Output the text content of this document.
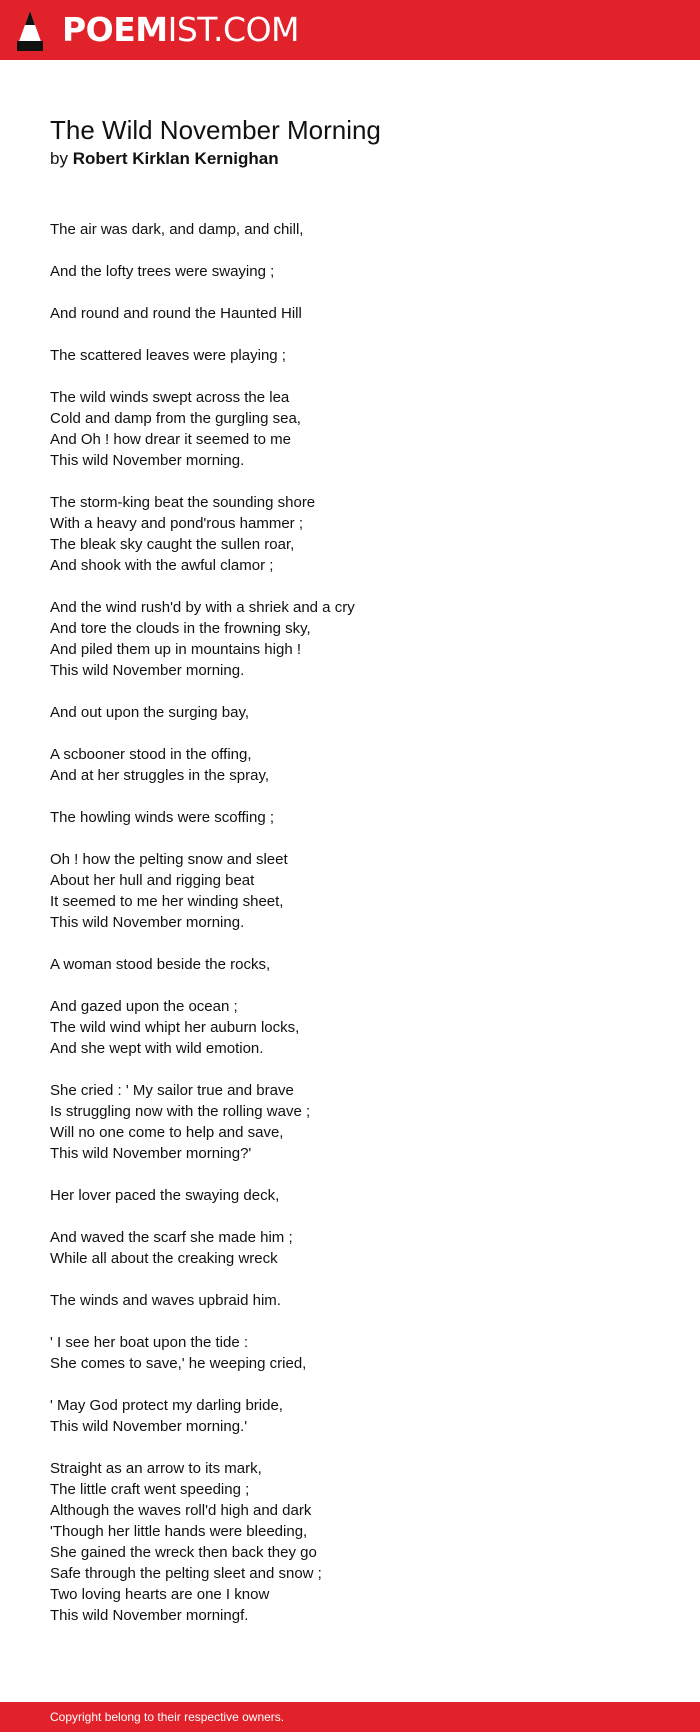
POEMIST.COM
The Wild November Morning
by Robert Kirklan Kernighan
The air was dark, and damp, and chill,
And the lofty trees were swaying ;
And round and round the Haunted Hill
The scattered leaves were playing ;
The wild winds swept across the lea
Cold and damp from the gurgling sea,
And Oh ! how drear it seemed to me
This wild November morning.
The storm-king beat the sounding shore
With a heavy and pond'rous hammer ;
The bleak sky caught the sullen roar,
And shook with the awful clamor ;
And the wind rush'd by with a shriek and a cry
And tore the clouds in the frowning sky,
And piled them up in mountains high !
This wild November morning.
And out upon the surging bay,
A scbooner stood in the offing,
And at her struggles in the spray,
The howling winds were scoffing ;
Oh ! how the pelting snow and sleet
About her hull and rigging beat
It seemed to me her winding sheet,
This wild November morning.
A woman stood beside the rocks,
And gazed upon the ocean ;
The wild wind whipt her auburn locks,
And she wept with wild emotion.
She cried : ' My sailor true and brave
Is struggling now with the rolling wave ;
Will no one come to help and save,
This wild November morning?'
Her lover paced the swaying deck,
And waved the scarf she made him ;
While all about the creaking wreck
The winds and waves upbraid him.
' I see her boat upon the tide :
She comes to save,' he weeping cried,
' May God protect my darling bride,
This wild November morning.'
Straight as an arrow to its mark,
The little craft went speeding ;
Although the waves roll'd high and dark
'Though her little hands were bleeding,
She gained the wreck then back they go
Safe through the pelting sleet and snow ;
Two loving hearts are one I know
This wild November morningf.
Copyright belong to their respective owners.
